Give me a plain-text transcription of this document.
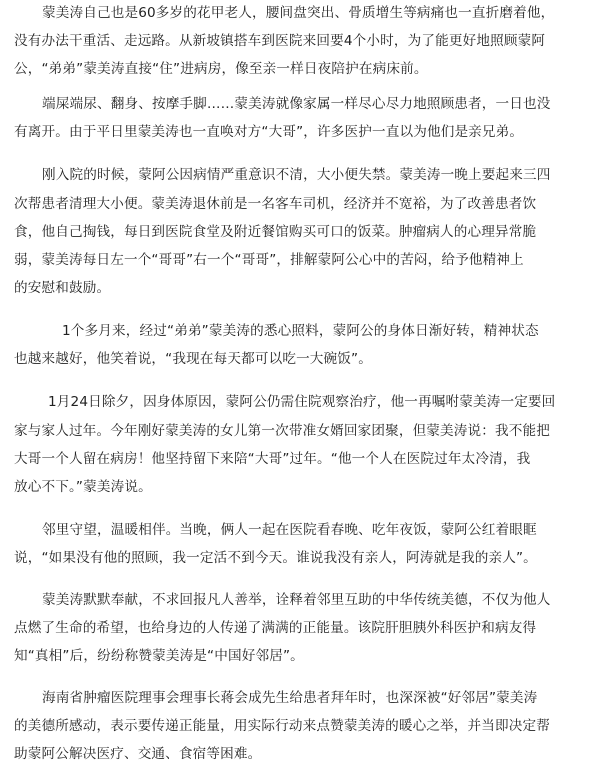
蒙美涛自己也是60多岁的花甲老人，腰间盘突出、骨质增生等病痛也一直折磨着他，
没有办法干重活、走远路。从新坡镇搭车到医院来回要4个小时，为了能更好地照顾蒙阿
公，“弟弟”蒙美涛直接“住”进病房，像至亲一样日夜陪护在病床前。
端屎端尿、翻身、按摩手脚……蒙美涛就像家属一样尽心尽力地照顾患者，一日也没
有离开。由于平日里蒙美涛也一直唤对方“大哥”，许多医护一直以为他们是亲兄弟。
刚入院的时候，蒙阿公因病情严重意识不清，大小便失禁。蒙美涛一晚上要起来三四
次帮患者清理大小便。蒙美涛退休前是一名客车司机，经济并不宽裕，为了改善患者饮
食，他自己掏钱，每日到医院食堂及附近餐馆购买可口的饭菜。肿瘤病人的心理异常脆
弱，蒙美涛每日左一个“哥哥”右一个“哥哥”，排解蒙阿公心中的苦闷，给予他精神上
的安慰和鼓励。
1个多月来，经过“弟弟”蒙美涛的悉心照料，蒙阿公的身体日渐好转，精神状态
也越来越好，他笑着说，“我现在每天都可以吃一大碗饭”。
1月24日除夕，因身体原因，蒙阿公仍需住院观察治疗，他一再嘱咐蒙美涛一定要回
家与家人过年。今年刚好蒙美涛的女儿第一次带准女婿回家团聚，但蒙美涛说：我不能把
大哥一个人留在病房！他坚持留下来陪“大哥”过年。“他一个人在医院过年太冷清，我
放心不下。”蒙美涛说。
邻里守望，温暖相伴。当晚，俩人一起在医院看春晚、吃年夜饭，蒙阿公红着眼眶
说，“如果没有他的照顾，我一定活不到今天。谁说我没有亲人，阿涛就是我的亲人”。
蒙美涛默默奉献，不求回报凡人善举，诠释着邻里互助的中华传统美德，不仅为他人
点燃了生命的希望，也给身边的人传递了满满的正能量。该院肝胆胰外科医护和病友得
知“真相”后，纷纷称赞蒙美涛是“中国好邻居”。
海南省肿瘤医院理事会理事长蒋会成先生给患者拜年时，也深深被“好邻居”蒙美涛
的美德所感动，表示要传递正能量，用实际行动来点赞蒙美涛的暖心之举，并当即决定帮
助蒙阿公解决医疗、交通、食宿等困难。
